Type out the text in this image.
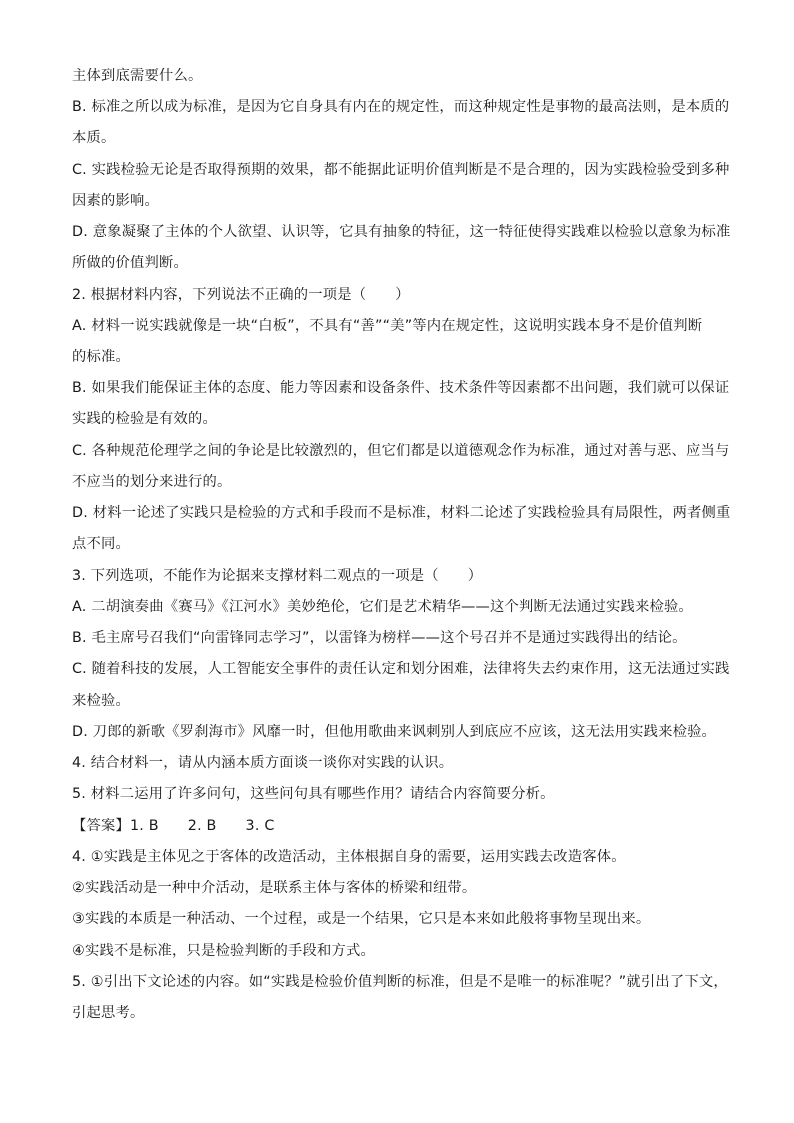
主体到底需要什么。
B. 标准之所以成为标准，是因为它自身具有内在的规定性，而这种规定性是事物的最高法则，是本质的
本质。
C. 实践检验无论是否取得预期的效果，都不能据此证明价值判断是不是合理的，因为实践检验受到多种
因素的影响。
D. 意象凝聚了主体的个人欲望、认识等，它具有抽象的特征，这一特征使得实践难以检验以意象为标准
所做的价值判断。
2. 根据材料内容，下列说法不正确的一项是（　　）
A. 材料一说实践就像是一块“白板”，不具有“善”“美”等内在规定性，这说明实践本身不是价值判断
的标准。
B. 如果我们能保证主体的态度、能力等因素和设备条件、技术条件等因素都不出问题，我们就可以保证
实践的检验是有效的。
C. 各种规范伦理学之间的争论是比较激烈的，但它们都是以道德观念作为标准，通过对善与恶、应当与
不应当的划分来进行的。
D. 材料一论述了实践只是检验的方式和手段而不是标准，材料二论述了实践检验具有局限性，两者侧重
点不同。
3. 下列选项，不能作为论据来支撑材料二观点的一项是（　　）
A. 二胡演奏曲《赛马》《江河水》美妙绝伦，它们是艺术精华——这个判断无法通过实践来检验。
B. 毛主席号召我们“向雷锋同志学习”，以雷锋为榜样——这个号召并不是通过实践得出的结论。
C. 随着科技的发展，人工智能安全事件的责任认定和划分困难，法律将失去约束作用，这无法通过实践
来检验。
D. 刀郎的新歌《罗刹海市》风靡一时，但他用歌曲来讽刺别人到底应不应该，这无法用实践来检验。
4. 结合材料一，请从内涵本质方面谈一谈你对实践的认识。
5. 材料二运用了许多问句，这些问句具有哪些作用？请结合内容简要分析。
【答案】1. B　　2. B　　3. C
4. ①实践是主体见之于客体的改造活动，主体根据自身的需要，运用实践去改造客体。
②实践活动是一种中介活动，是联系主体与客体的桥梁和纽带。
③实践的本质是一种活动、一个过程，或是一个结果，它只是本来如此般将事物呈现出来。
④实践不是标准，只是检验判断的手段和方式。
5. ①引出下文论述的内容。如“实践是检验价值判断的标准，但是不是唯一的标准呢？”就引出了下文，
引起思考。
